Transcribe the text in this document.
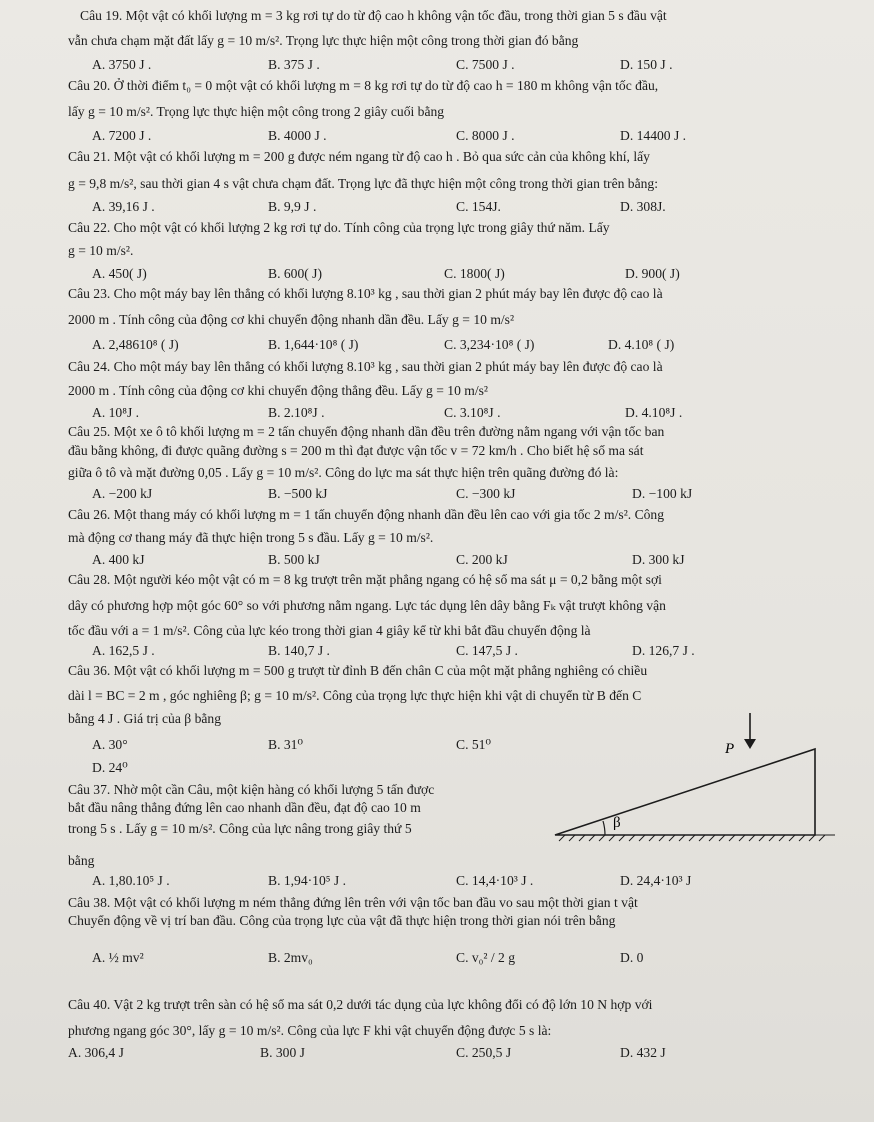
Câu 19. Một vật có khối lượng m = 3 kg rơi tự do từ độ cao h không vận tốc đầu, trong thời gian 5 s đầu vật
vẫn chưa chạm mặt đất lấy g = 10 m/s². Trọng lực thực hiện một công trong thời gian đó bằng
A. 3750 J .	B. 375 J .	C. 7500 J .	D. 150 J .
Câu 20. Ở thời điểm t₀ = 0 một vật có khối lượng m = 8 kg rơi tự do từ độ cao h = 180 m không vận tốc đầu,
lấy g = 10 m/s². Trọng lực thực hiện một công trong 2 giây cuối bằng
A. 7200 J .	B. 4000 J .	C. 8000 J .	D. 14400 J .
Câu 21. Một vật có khối lượng m = 200 g được ném ngang từ độ cao h . Bỏ qua sức cản của không khí, lấy
g = 9,8 m/s², sau thời gian 4 s vật chưa chạm đất. Trọng lực đã thực hiện một công trong thời gian trên bằng:
A. 39,16 J .	B. 9,9 J .	C. 154J.	D. 308J.
Câu 22. Cho một vật có khối lượng 2 kg rơi tự do. Tính công của trọng lực trong giây thứ năm. Lấy
g = 10 m/s².
A. 450( J)	B. 600( J)	C. 1800( J)	D. 900( J)
Câu 23. Cho một máy bay lên thẳng có khối lượng 8.10³ kg , sau thời gian 2 phút máy bay lên được độ cao là
2000 m . Tính công của động cơ khi chuyển động nhanh dần đều. Lấy g = 10 m/s²
A. 2,48610⁸ ( J)	B. 1,644·10⁸ ( J)	C. 3,234·10⁸ ( J)	D. 4.10⁸ ( J)
Câu 24. Cho một máy bay lên thẳng có khối lượng 8.10³ kg , sau thời gian 2 phút máy bay lên được độ cao là
2000 m . Tính công của động cơ khi chuyển động thẳng đều. Lấy g = 10 m/s²
A. 10⁸J .	B. 2.10⁸J .	C. 3.10⁸J .	D. 4.10⁸J .
Câu 25. Một xe ô tô khối lượng m = 2 tấn chuyển động nhanh dần đều trên đường nằm ngang với vận tốc ban
đầu bằng không, đi được quãng đường s = 200 m thì đạt được vận tốc v = 72 km/h . Cho biết hệ số ma sát
giữa ô tô và mặt đường 0,05 . Lấy g = 10 m/s². Công do lực ma sát thực hiện trên quãng đường đó là:
A. −200 kJ	B. −500 kJ	C. −300 kJ	D. −100 kJ
Câu 26. Một thang máy có khối lượng m = 1 tấn chuyển động nhanh dần đều lên cao với gia tốc 2 m/s². Công
mà động cơ thang máy đã thực hiện trong 5 s đầu. Lấy g = 10 m/s².
A. 400 kJ	B. 500 kJ	C. 200 kJ	D. 300 kJ
Câu 28. Một người kéo một vật có m = 8 kg trượt trên mặt phẳng ngang có hệ số ma sát μ = 0,2 bằng một sợi
dây có phương hợp một góc 60° so với phương nằm ngang. Lực tác dụng lên dây bằng Fₖ vật trượt không vận
tốc đầu với a = 1 m/s². Công của lực kéo trong thời gian 4 giây kể từ khi bắt đầu chuyển động là
A. 162,5 J .	B. 140,7 J .	C. 147,5 J .	D. 126,7 J .
Câu 36. Một vật có khối lượng m = 500 g trượt từ đỉnh B đến chân C của một mặt phẳng nghiêng có chiều
dài l = BC = 2 m , góc nghiêng β; g = 10 m/s². Công của trọng lực thực hiện khi vật di chuyển từ B đến C
bằng 4 J . Giá trị của β bằng
A. 30°	B. 31⁰	C. 51⁰
D. 24⁰
Câu 37. Nhờ một cần Câu, một kiện hàng có khối lượng 5 tấn được
bắt đầu nâng thẳng đứng lên cao nhanh dần đều, đạt độ cao 10 m
trong 5 s . Lấy g = 10 m/s². Công của lực nâng trong giây thứ 5
bằng
A. 1,80.10⁵ J .	B. 1,94·10⁵ J .	C. 14,4·10³ J .	D. 24,4·10³ J
P⃗
β
Câu 38. Một vật có khối lượng m ném thẳng đứng lên trên với vận tốc ban đầu vo sau một thời gian t vật
Chuyển động về vị trí ban đầu. Công của trọng lực của vật đã thực hiện trong thời gian nói trên bằng
A. ½ mv²	B. 2mv₀	C. v₀² / 2 g	D. 0
Câu 40. Vật 2 kg trượt trên sàn có hệ số ma sát 0,2 dưới tác dụng của lực không đổi có độ lớn 10 N hợp với
phương ngang góc 30°, lấy g = 10 m/s². Công của lực F khi vật chuyển động được 5 s là:
A. 306,4 J	B. 300 J	C. 250,5 J	D. 432 J
